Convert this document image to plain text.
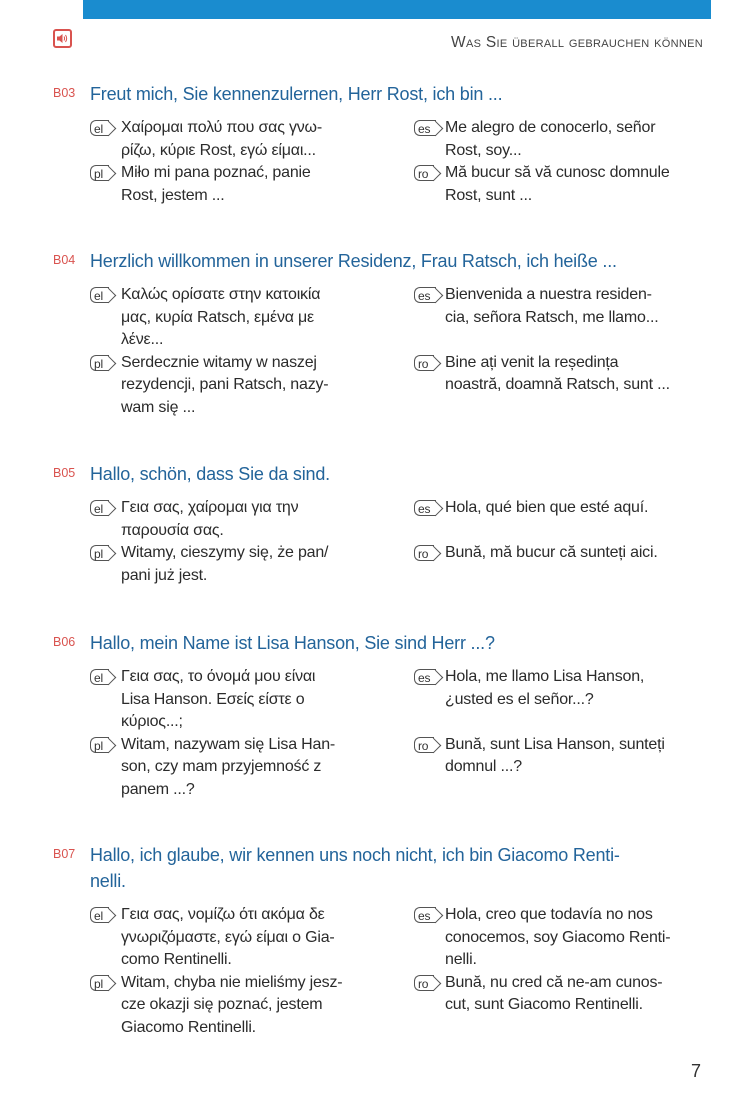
Was Sie überall gebrauchen können
B03 Freut mich, Sie kennenzulernen, Herr Rost, ich bin ...
el	Χαίρομαι πολύ που σας γνω-
ρίζω, κύριε Rost, εγώ είμαι...
es Me alegro de conocerlo, señor
Rost, soy...
pl	Miło mi pana poznać, panie
Rost, jestem ...
ro	Mă bucur să vă cunosc domnule
Rost, sunt ...
B04 Herzlich willkommen in unserer Residenz, Frau Ratsch, ich heiße ...
el	Καλώς ορίσατε στην κατοικία
μας, κυρία Ratsch, εμένα με
λένε...
es Bienvenida a nuestra residen-
cia, señora Ratsch, me llamo...
pl	Serdecznie witamy w naszej
rezydencji, pani Ratsch, nazy-
wam się ...
ro	Bine ați venit la reședința
noastră, doamnă Ratsch, sunt ...
B05 Hallo, schön, dass Sie da sind.
el	Γεια σας, χαίρομαι για την
παρουσία σας.
es Hola, qué bien que esté aquí.
pl	Witamy, cieszymy się, że pan/
pani już jest.
ro	Bună, mă bucur că sunteți aici.
B06 Hallo, mein Name ist Lisa Hanson, Sie sind Herr ...?
el	Γεια σας, το όνομά μου είναι
Lisa Hanson. Εσείς είστε ο
κύριος...;
es Hola, me llamo Lisa Hanson,
¿usted es el señor...?
pl	Witam, nazywam się Lisa Han-
son, czy mam przyjemność z
panem ...?
ro	Bună, sunt Lisa Hanson, sunteți
domnul ...?
B07 Hallo, ich glaube, wir kennen uns noch nicht, ich bin Giacomo Renti-
nelli.
el	Γεια σας, νομίζω ότι ακόμα δε
γνωριζόμαστε, εγώ είμαι ο Gia-
como Rentinelli.
es Hola, creo que todavía no nos
conocemos, soy Giacomo Renti-
nelli.
pl	Witam, chyba nie mieliśmy jesz-
cze okazji się poznać, jestem
Giacomo Rentinelli.
ro	Bună, nu cred că ne-am cunos-
cut, sunt Giacomo Rentinelli.
7
